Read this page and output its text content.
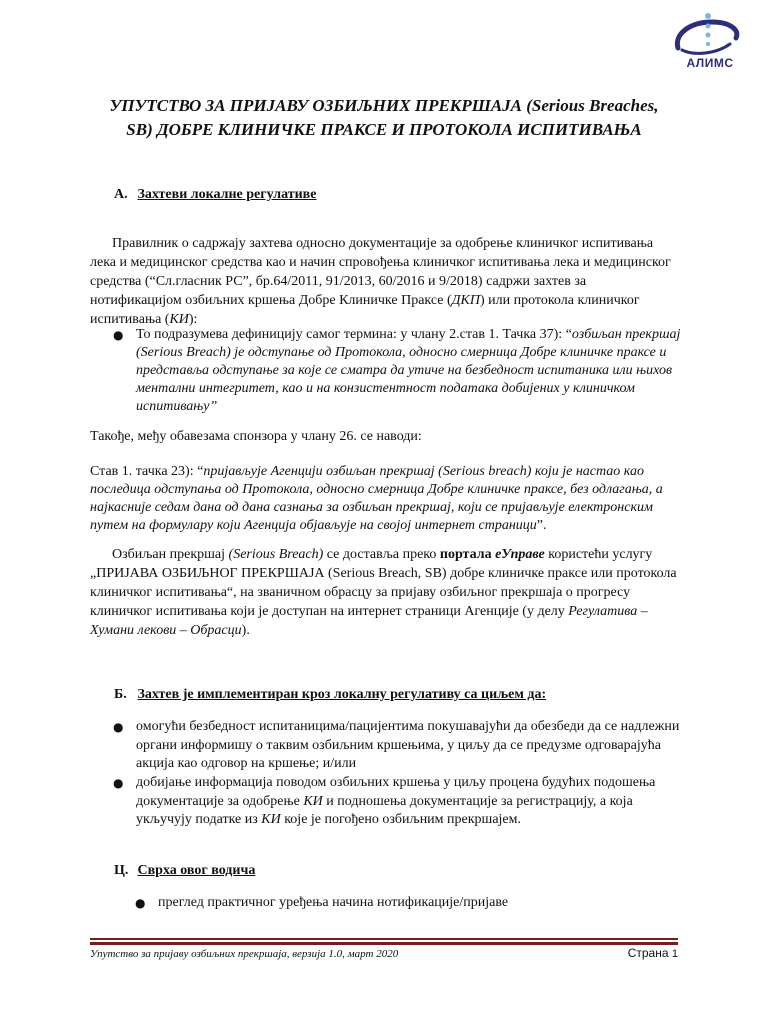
АЛИМС
УПУТСТВО ЗА ПРИЈАВУ ОЗБИЉНИХ ПРЕКРШАЈА (Serious Breaches,
SB) ДОБРЕ КЛИНИЧКЕ ПРАКСЕ И ПРОТОКОЛА ИСПИТИВАЊА
A. Захтеви локалне регулативе
Правилник о садржају захтева односно документације за одобрење клиничког испитивања лека и медицинског средства као и начин спровођења клиничког испитивања лека и медицинског средства (“Сл.гласник РС”, бр.64/2011, 91/2013, 60/2016 и 9/2018) садржи захтев за нотификацијом озбиљних кршења Добре Клиничке Праксе (ДКП) или протокола клиничког испитивања (КИ):
● То подразумева дефиницију самог термина: у члану 2.став 1. Тачка 37): “озбиљан прекршај (Serious Breach) је одступање од Протокола, односно смерница Добре клиничке праксе и представља одступање за које се сматра да утиче на безбедност испитаника или њихов ментални интегритет, као и на конзистентност података добијених у клиничком испитивању”
Такође, међу обавезама спонзора у члану 26. се наводи:
Став 1. тачка 23): “пријављује Агенцији озбиљан прекршај (Serious breach) који је настао као последица одступања од Протокола, односно смерница Добре клиничке праксе, без одлагања, а најкасније седам дана од дана сазнања за озбиљан прекршај, који се пријављује електронским путем на формулару који Агенција објављује на својој интернет страници”.
Озбиљан прекршај (Serious Breach) се доставља преко портала eУправе користећи услугу „ПРИЈАВА ОЗБИЉНОГ ПРЕКРШАЈА (Serious Breach, SB) добре клиничке праксе или протокола клиничког испитивања“, на званичном обрасцу за пријаву озбиљног прекршаја о прогресу клиничког испитивања који је доступан на интернет страници Агенције (у делу Регулатива – Хумани лекови – Обрасци).
Б. Захтев је имплементиран кроз локалну регулативу са циљем да:
● омогући безбедност испитаницима/пацијентима покушавајући да обезбеди да се надлежни органи информишу о таквим озбиљним кршењима, у циљу да се предузме одговарајућа акција као одговор на кршење; и/или
● добијање информација поводом озбиљних кршења у циљу процена будућих подошења документације за одобрење КИ и подношења документације за регистрацију, а која укључују податке из КИ које је погођено озбиљним прекршајем.
Ц. Сврха овог водича
● преглед практичног уређења начина нотификације/пријаве
Упутство за пријаву озбиљних прекршаја, верзија 1.0, март 2020	Страна 1
